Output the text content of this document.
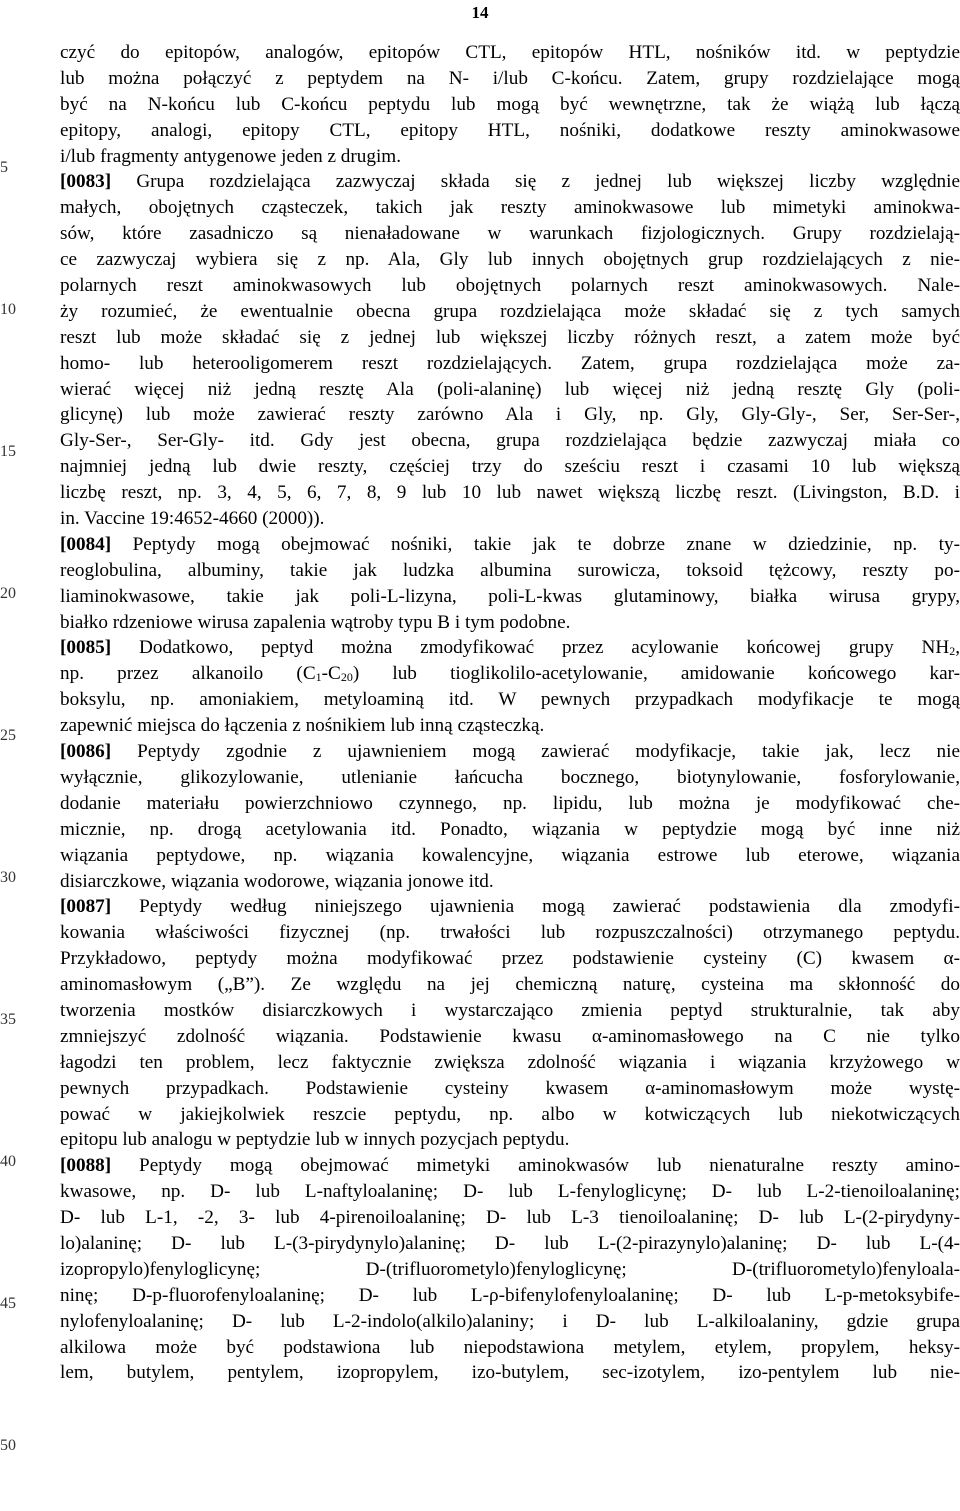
14
5
10
15
20
25
30
35
40
45
50
czyć do epitopów, analogów, epitopów CTL, epitopów HTL, nośników itd. w peptydzie
lub można połączyć z peptydem na N- i/lub C-końcu. Zatem, grupy rozdzielające mogą
być na N-końcu lub C-końcu peptydu lub mogą być wewnętrzne, tak że wiążą lub łączą
epitopy, analogi, epitopy CTL, epitopy HTL, nośniki, dodatkowe reszty aminokwasowe
i/lub fragmenty antygenowe jeden z drugim.
[0083] Grupa rozdzielająca zazwyczaj składa się z jednej lub większej liczby względnie
małych, obojętnych cząsteczek, takich jak reszty aminokwasowe lub mimetyki aminokwa-
sów, które zasadniczo są nienaładowane w warunkach fizjologicznych. Grupy rozdzielają-
ce zazwyczaj wybiera się z np. Ala, Gly lub innych obojętnych grup rozdzielających z nie-
polarnych reszt aminokwasowych lub obojętnych polarnych reszt aminokwasowych. Nale-
ży rozumieć, że ewentualnie obecna grupa rozdzielająca może składać się z tych samych
reszt lub może składać się z jednej lub większej liczby różnych reszt, a zatem może być
homo- lub heterooligomerem reszt rozdzielających. Zatem, grupa rozdzielająca może za-
wierać więcej niż jedną resztę Ala (poli-alaninę) lub więcej niż jedną resztę Gly (poli-
glicynę) lub może zawierać reszty zarówno Ala i Gly, np. Gly, Gly-Gly-, Ser, Ser-Ser-,
Gly-Ser-, Ser-Gly- itd. Gdy jest obecna, grupa rozdzielająca będzie zazwyczaj miała co
najmniej jedną lub dwie reszty, częściej trzy do sześciu reszt i czasami 10 lub większą
liczbę reszt, np. 3, 4, 5, 6, 7, 8, 9 lub 10 lub nawet większą liczbę reszt. (Livingston, B.D. i
in. Vaccine 19:4652-4660 (2000)).
[0084] Peptydy mogą obejmować nośniki, takie jak te dobrze znane w dziedzinie, np. ty-
reoglobulina, albuminy, takie jak ludzka albumina surowicza, toksoid tężcowy, reszty po-
liaminokwasowe, takie jak poli-L-lizyna, poli-L-kwas glutaminowy, białka wirusa grypy,
białko rdzeniowe wirusa zapalenia wątroby typu B i tym podobne.
[0085] Dodatkowo, peptyd można zmodyfikować przez acylowanie końcowej grupy $NH_2$,
np. przez alkanoilo $(C_1-C_{20})$ lub tioglikolilo-acetylowanie, amidowanie końcowego kar-
boksylu, np. amoniakiem, metyloaminą itd. W pewnych przypadkach modyfikacje te mogą
zapewnić miejsca do łączenia z nośnikiem lub inną cząsteczką.
[0086] Peptydy zgodnie z ujawnieniem mogą zawierać modyfikacje, takie jak, lecz nie
wyłącznie, glikozylowanie, utlenianie łańcucha bocznego, biotynylowanie, fosforylowanie,
dodanie materiału powierzchniowo czynnego, np. lipidu, lub można je modyfikować che-
micznie, np. drogą acetylowania itd. Ponadto, wiązania w peptydzie mogą być inne niż
wiązania peptydowe, np. wiązania kowalencyjne, wiązania estrowe lub eterowe, wiązania
disiarczkowe, wiązania wodorowe, wiązania jonowe itd.
[0087] Peptydy według niniejszego ujawnienia mogą zawierać podstawienia dla zmodyfi-
kowania właściwości fizycznej (np. trwałości lub rozpuszczalności) otrzymanego peptydu.
Przykładowo, peptydy można modyfikować przez podstawienie cysteiny (C) kwasem α-
aminomasłowym („B”). Ze względu na jej chemiczną naturę, cysteina ma skłonność do
tworzenia mostków disiarczkowych i wystarczająco zmienia peptyd strukturalnie, tak aby
zmniejszyć zdolność wiązania. Podstawienie kwasu α-aminomasłowego na C nie tylko
łagodzi ten problem, lecz faktycznie zwiększa zdolność wiązania i wiązania krzyżowego w
pewnych przypadkach. Podstawienie cysteiny kwasem α-aminomasłowym może wystę-
pować w jakiejkolwiek reszcie peptydu, np. albo w kotwiczących lub niekotwiczących
epitopu lub analogu w peptydzie lub w innych pozycjach peptydu.
[0088] Peptydy mogą obejmować mimetyki aminokwasów lub nienaturalne reszty amino-
kwasowe, np. D- lub L-naftyloalaninę; D- lub L-fenyloglicynę; D- lub L-2-tienoiloalaninę;
D- lub L-1, -2, 3- lub 4-pirenoiloalaninę; D- lub L-3 tienoiloalaninę; D- lub L-(2-pirydyny-
lo)alaninę; D- lub L-(3-pirydynylo)alaninę; D- lub L-(2-pirazynylo)alaninę; D- lub L-(4-
izopropylo)fenyloglicynę; D-(trifluorometylo)fenyloglicynę; D-(trifluorometylo)fenyloala-
ninę; D-p-fluorofenyloalaninę; D- lub L-ρ-bifenylofenyloalaninę; D- lub L-p-metoksybife-
nylofenyloalaninę; D- lub L-2-indolo(alkilo)alaniny; i D- lub L-alkiloalaniny, gdzie grupa
alkilowa może być podstawiona lub niepodstawiona metylem, etylem, propylem, heksy-
lem, butylem, pentylem, izopropylem, izo-butylem, sec-izotylem, izo-pentylem lub nie-
